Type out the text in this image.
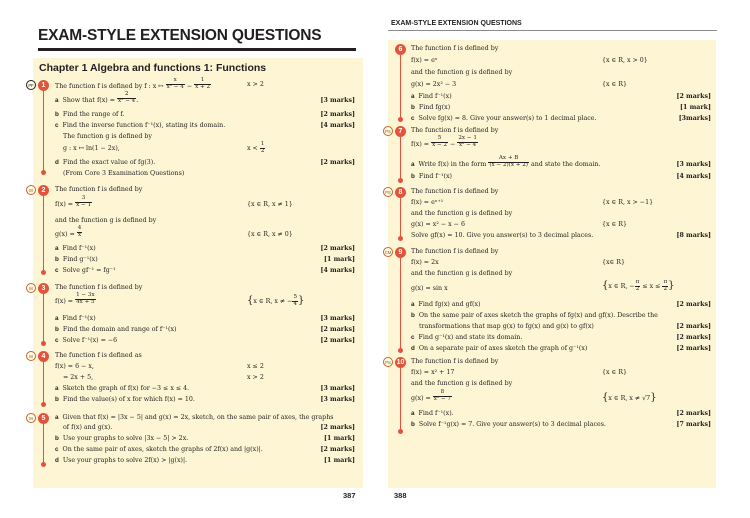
EXAM-STYLE EXTENSION QUESTIONS
Chapter 1 Algebra and functions 1: Functions
PF	1	The function f is defined by f : x ↦ $\frac{x}{\text{x² − 4}} - \frac{1}{x + 2}$	x > 2
a Show that $f(x) = \frac{2}{\text{x² − 4}}$ .	[3 marks]
b Find the range of f.	[2 marks]
c Find the inverse function f⁻¹(x), stating its domain.	[4 marks]
The function g is defined by
g : x ↦ ln(1 − 2x),	$x < \frac{1}{2}$
d Find the exact value of fg(3).	[2 marks]
(From Core 3 Examination Questions)
M	2	The function f is defined by
$f(x) = \frac{3}{x - 1}$	{x ∈ R, x ≠ 1}
and the function g is defined by
$g(x) = \frac{4}{x}$	{x ∈ R, x ≠ 0}
a Find f⁻¹(x)	[2 marks]
b Find g⁻¹(x)	[1 mark]
c Solve gf⁻¹ = fg⁻¹	[4 marks]
M	3	The function f is defined by
$f(x) = \frac{1 - 3x}{4x + 5}$	{x ∈ R, x ≠ − $\frac{5}{4}$ }
a Find f⁻¹(x)	[3 marks]
b Find the domain and range of f⁻¹(x)	[2 marks]
c Solve f⁻¹(x) = −6	[2 marks]
M	4	The function f is defined as
f(x) = 6 − x,	x ≤ 2
= 2x + 5,	x > 2
a Sketch the graph of f(x) for −3 ≤ x ≤ 4.	[3 marks]
b Find the value(s) of x for which f(x) = 10.	[3 marks]
M	5	a Given that f(x) = |3x − 5| and g(x) = 2x, sketch, on the same pair of axes, the graphs
of f(x) and g(x).	[2 marks]
b Use your graphs to solve |3x − 5| > 2x.	[1 mark]
c On the same pair of axes, sketch the graphs of 2f(x) and |g(x)|.	[2 marks]
d Use your graphs to solve 2f(x) > |g(x)|.	[1 mark]
387
EXAM-STYLE EXTENSION QUESTIONS
6	The function f is defined by
f(x) = eˣ	{x ∈ R, x > 0}
and the function g is defined by
g(x) = 2x² − 3	{x ∈ R}
a Find f⁻¹(x)	[2 marks]
b Find fg(x)	[1 mark]
c Solve fg(x) = 8. Give your answer(s) to 1 decimal place.	[3marks]
PS	7	The function f is defined by
$f(x) = \frac{5}{x - 2} - \frac{2x - 1}{\text{x² − 4}}$
a Write f(x) in the form $\frac{Ax + B}{(x - 2)(x + 2)}$ and state the domain.	[3 marks]
b Find f⁻¹(x)	[4 marks]
PS	8	The function f is defined by
f(x) = eˣ⁺¹	{x ∈ R, x > −1}
and the function g is defined by
g(x) = x² − x − 6	{x ∈ R}
Solve gf(x) = 10. Give you answer(s) to 3 decimal places.	[8 marks]
CM	9	The function f is defined by
f(x) = 2x	{x∈ R}
and the function g is defined by
g(x) = sin x	{x ∈ R, − $\frac{\pi}{2} \le x \le \frac{\pi}{2}$ }
a Find fg(x) and gf(x)	[2 marks]
b On the same pair of axes sketch the graphs of fg(x) and gf(x). Describe the
transformations that map g(x) to fg(x) and g(x) to gf(x)	[2 marks]
c Find g⁻¹(x) and state its domain.	[2 marks]
d On a separate pair of axes sketch the graph of g⁻¹(x)	[2 marks]
PS 10 The function f is defined by
f(x) = x² + 17	{x ∈ R}
and the function g is defined by
$g(x) = \frac{8}{\text{x² − 7}}$	{x ∈ R, x ≠ √7}
a Find f⁻¹(x).	[2 marks]
b Solve f⁻¹g(x) = 7. Give your answer(s) to 3 decimal places.	[7 marks]
388
